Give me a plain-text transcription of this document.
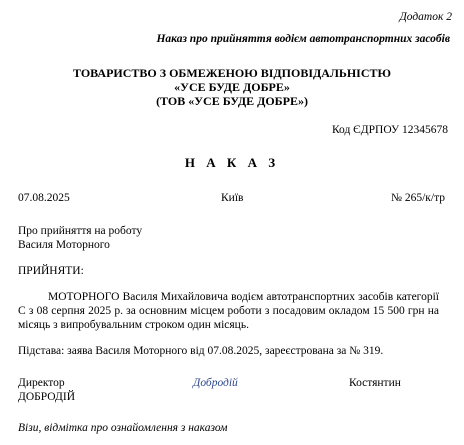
Додаток 2
Наказ про прийняття водієм автотранспортних засобів
ТОВАРИСТВО З ОБМЕЖЕНОЮ ВІДПОВІДАЛЬНІСТЮ
«УСЕ БУДЕ ДОБРЕ»
(ТОВ «УСЕ БУДЕ ДОБРЕ»)
Код ЄДРПОУ 12345678
Н А К А З
07.08.2025	Київ	№ 265/к/тр
Про прийняття на роботу
Василя Моторного
ПРИЙНЯТИ:
МОТОРНОГО Василя Михайловича водієм автотранспортних засобів категорії С з 08 серпня 2025 р. за основним місцем роботи з посадовим окладом 15 500 грн на місяць з випробувальним строком один місяць.
Підстава: заява Василя Моторного від 07.08.2025, зареєстрована за № 319.
Директор
ДОБРОДІЙ
Добродій	Костянтин
Візи, відмітка про ознайомлення з наказом
